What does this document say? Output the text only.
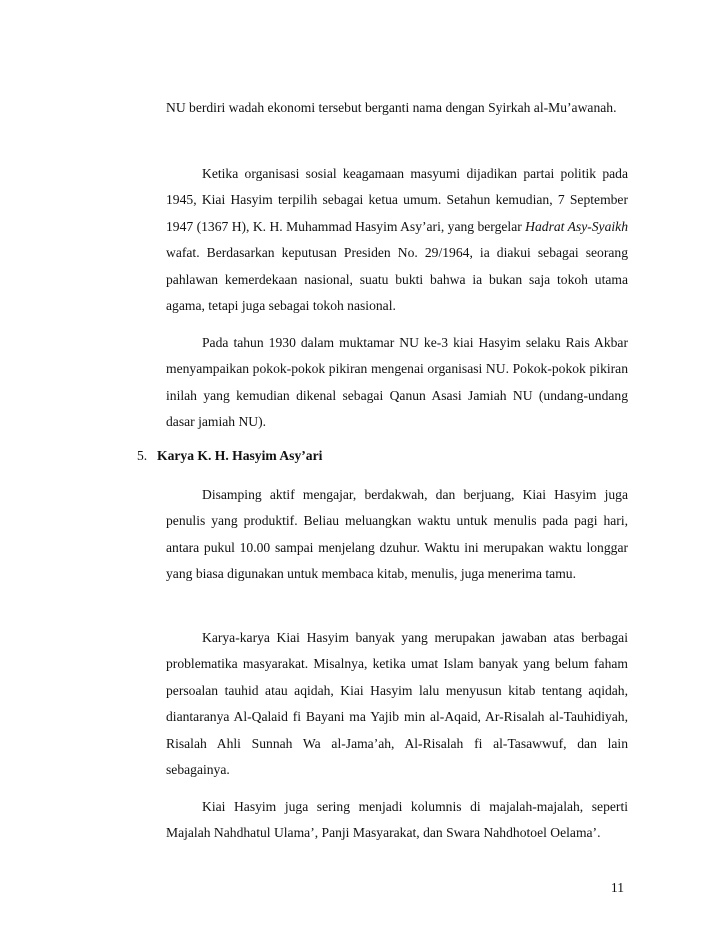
NU berdiri wadah ekonomi tersebut berganti nama dengan Syirkah al-Mu’awanah.

Ketika organisasi sosial keagamaan masyumi dijadikan partai politik pada 1945, Kiai Hasyim terpilih sebagai ketua umum. Setahun kemudian, 7 September 1947 (1367 H), K. H. Muhammad Hasyim Asy’ari, yang bergelar Hadrat Asy-Syaikh wafat. Berdasarkan keputusan Presiden No. 29/1964, ia diakui sebagai seorang pahlawan kemerdekaan nasional, suatu bukti bahwa ia bukan saja tokoh utama agama, tetapi juga sebagai tokoh nasional.

Pada tahun 1930 dalam muktamar NU ke-3 kiai Hasyim selaku Rais Akbar menyampaikan pokok-pokok pikiran mengenai organisasi NU. Pokok-pokok pikiran inilah yang kemudian dikenal sebagai Qanun Asasi Jamiah NU (undang-undang dasar jamiah NU).

5. Karya K. H. Hasyim Asy’ari

Disamping aktif mengajar, berdakwah, dan berjuang, Kiai Hasyim juga penulis yang produktif. Beliau meluangkan waktu untuk menulis pada pagi hari, antara pukul 10.00 sampai menjelang dzuhur. Waktu ini merupakan waktu longgar yang biasa digunakan untuk membaca kitab, menulis, juga menerima tamu.

Karya-karya Kiai Hasyim banyak yang merupakan jawaban atas berbagai problematika masyarakat. Misalnya, ketika umat Islam banyak yang belum faham persoalan tauhid atau aqidah, Kiai Hasyim lalu menyusun kitab tentang aqidah, diantaranya Al-Qalaid fi Bayani ma Yajib min al-Aqaid, Ar-Risalah al-Tauhidiyah, Risalah Ahli Sunnah Wa al-Jama’ah, Al-Risalah fi al-Tasawwuf, dan lain sebagainya.

Kiai Hasyim juga sering menjadi kolumnis di majalah-majalah, seperti Majalah Nahdhatul Ulama’, Panji Masyarakat, dan Swara Nahdhotoel Oelama’.

11
